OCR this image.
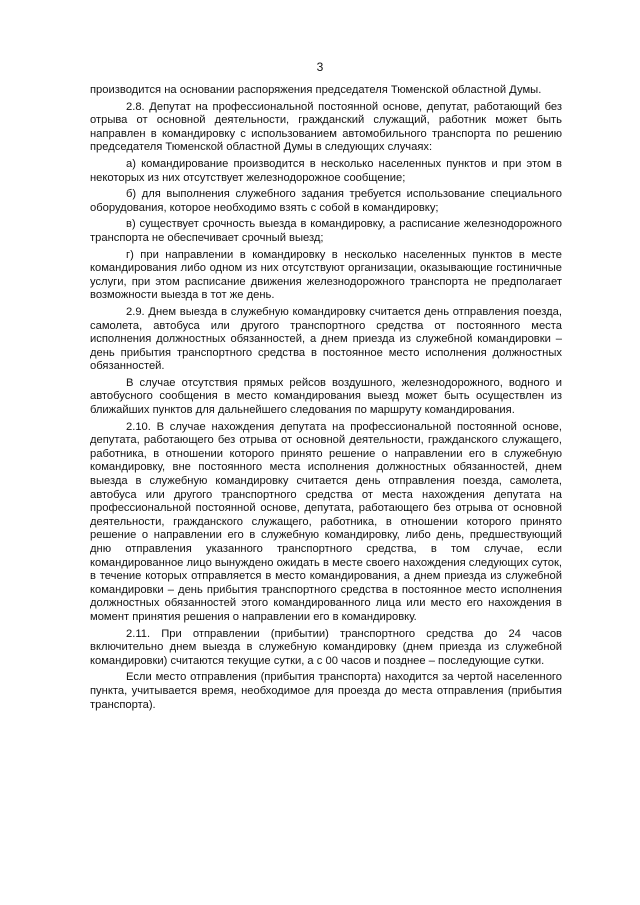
3

производится на основании распоряжения председателя Тюменской областной Думы.

2.8. Депутат на профессиональной постоянной основе, депутат, работающий без отрыва от основной деятельности, гражданский служащий, работник может быть направлен в командировку с использованием автомобильного транспорта по решению председателя Тюменской областной Думы в следующих случаях:

а) командирование производится в несколько населенных пунктов и при этом в некоторых из них отсутствует железнодорожное сообщение;

б) для выполнения служебного задания требуется использование специального оборудования, которое необходимо взять с собой в командировку;

в) существует срочность выезда в командировку, а расписание железнодорожного транспорта не обеспечивает срочный выезд;

г) при направлении в командировку в несколько населенных пунктов в месте командирования либо одном из них отсутствуют организации, оказывающие гостиничные услуги, при этом расписание движения железнодорожного транспорта не предполагает возможности выезда в тот же день.

2.9. Днем выезда в служебную командировку считается день отправления поезда, самолета, автобуса или другого транспортного средства от постоянного места исполнения должностных обязанностей, а днем приезда из служебной командировки – день прибытия транспортного средства в постоянное место исполнения должностных обязанностей.

В случае отсутствия прямых рейсов воздушного, железнодорожного, водного и автобусного сообщения в место командирования выезд может быть осуществлен из ближайших пунктов для дальнейшего следования по маршруту командирования.

2.10. В случае нахождения депутата на профессиональной постоянной основе, депутата, работающего без отрыва от основной деятельности, гражданского служащего, работника, в отношении которого принято решение о направлении его в служебную командировку, вне постоянного места исполнения должностных обязанностей, днем выезда в служебную командировку считается день отправления поезда, самолета, автобуса или другого транспортного средства от места нахождения депутата на профессиональной постоянной основе, депутата, работающего без отрыва от основной деятельности, гражданского служащего, работника, в отношении которого принято решение о направлении его в служебную командировку, либо день, предшествующий дню отправления указанного транспортного средства, в том случае, если командированное лицо вынуждено ожидать в месте своего нахождения следующих суток, в течение которых отправляется в место командирования, а днем приезда из служебной командировки – день прибытия транспортного средства в постоянное место исполнения должностных обязанностей этого командированного лица или место его нахождения в момент принятия решения о направлении его в командировку.

2.11. При отправлении (прибытии) транспортного средства до 24 часов включительно днем выезда в служебную командировку (днем приезда из служебной командировки) считаются текущие сутки, а с 00 часов и позднее – последующие сутки.

Если место отправления (прибытия транспорта) находится за чертой населенного пункта, учитывается время, необходимое для проезда до места отправления (прибытия транспорта).
